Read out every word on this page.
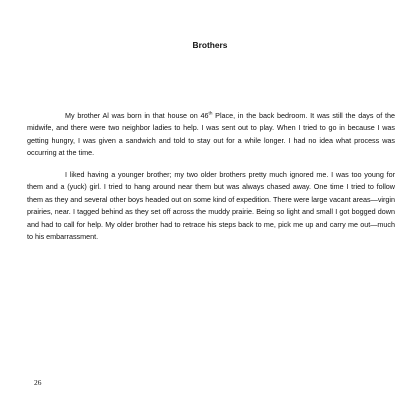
Brothers

My brother Al was born in that house on 46th Place, in the back bedroom. It was still the days of the midwife, and there were two neighbor ladies to help. I was sent out to play. When I tried to go in because I was getting hungry, I was given a sandwich and told to stay out for a while longer. I had no idea what process was occurring at the time.

I liked having a younger brother; my two older brothers pretty much ignored me. I was too young for them and a (yuck) girl. I tried to hang around near them but was always chased away. One time I tried to follow them as they and several other boys headed out on some kind of expedition. There were large vacant areas—virgin prairies, near. I tagged behind as they set off across the muddy prairie. Being so light and small I got bogged down and had to call for help. My older brother had to retrace his steps back to me, pick me up and carry me out—much to his embarrassment.

26
